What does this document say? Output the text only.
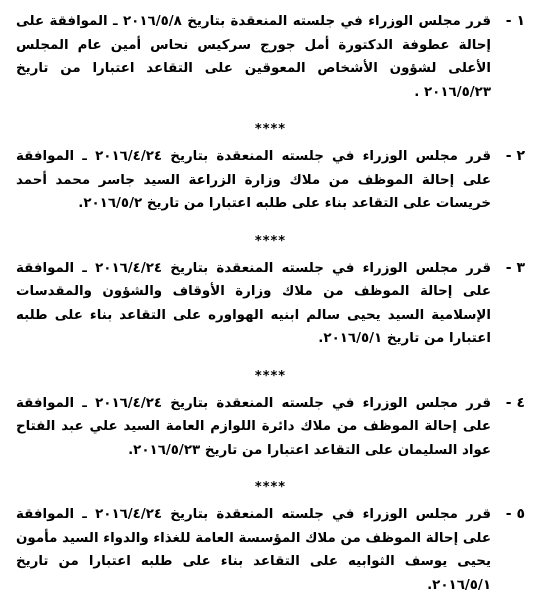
١ -
قرر مجلس الوزراء في جلسته المنعقدة بتاريخ ٢٠١٦/٥/٨ ـ الموافقة على إحالة عطوفة الدكتورة أمل جورج سركيس نحاس أمين عام المجلس الأعلى لشؤون الأشخاص المعوقين على التقاعد اعتبارا من تاريخ ٢٠١٦/٥/٢٣ .
****
٢ -
قرر مجلس الوزراء في جلسته المنعقدة بتاريخ ٢٠١٦/٤/٢٤ ـ الموافقة على إحالة الموظف من ملاك وزارة الزراعة السيد جاسر محمد أحمد خريسات على التقاعد بناء على طلبه اعتبارا من تاريخ ٢٠١٦/٥/٢.
****
٣ -
قرر مجلس الوزراء في جلسته المنعقدة بتاريخ ٢٠١٦/٤/٢٤ ـ الموافقة على إحالة الموظف من ملاك وزارة الأوقاف والشؤون والمقدسات الإسلامية السيد يحيى سالم ابنيه الهواوره على التقاعد بناء على طلبه اعتبارا من تاريخ ٢٠١٦/٥/١.
****
٤ -
قرر مجلس الوزراء في جلسته المنعقدة بتاريخ ٢٠١٦/٤/٢٤ ـ الموافقة على إحالة الموظف من ملاك دائرة اللوازم العامة السيد علي عبد الفتاح عواد السليمان على التقاعد اعتبارا من تاريخ ٢٠١٦/٥/٢٣.
****
٥ -
قرر مجلس الوزراء في جلسته المنعقدة بتاريخ ٢٠١٦/٤/٢٤ ـ الموافقة على إحالة الموظف من ملاك المؤسسة العامة للغذاء والدواء السيد مأمون يحيى يوسف الثوابيه على التقاعد بناء على طلبه اعتبارا من تاريخ ٢٠١٦/٥/١.
